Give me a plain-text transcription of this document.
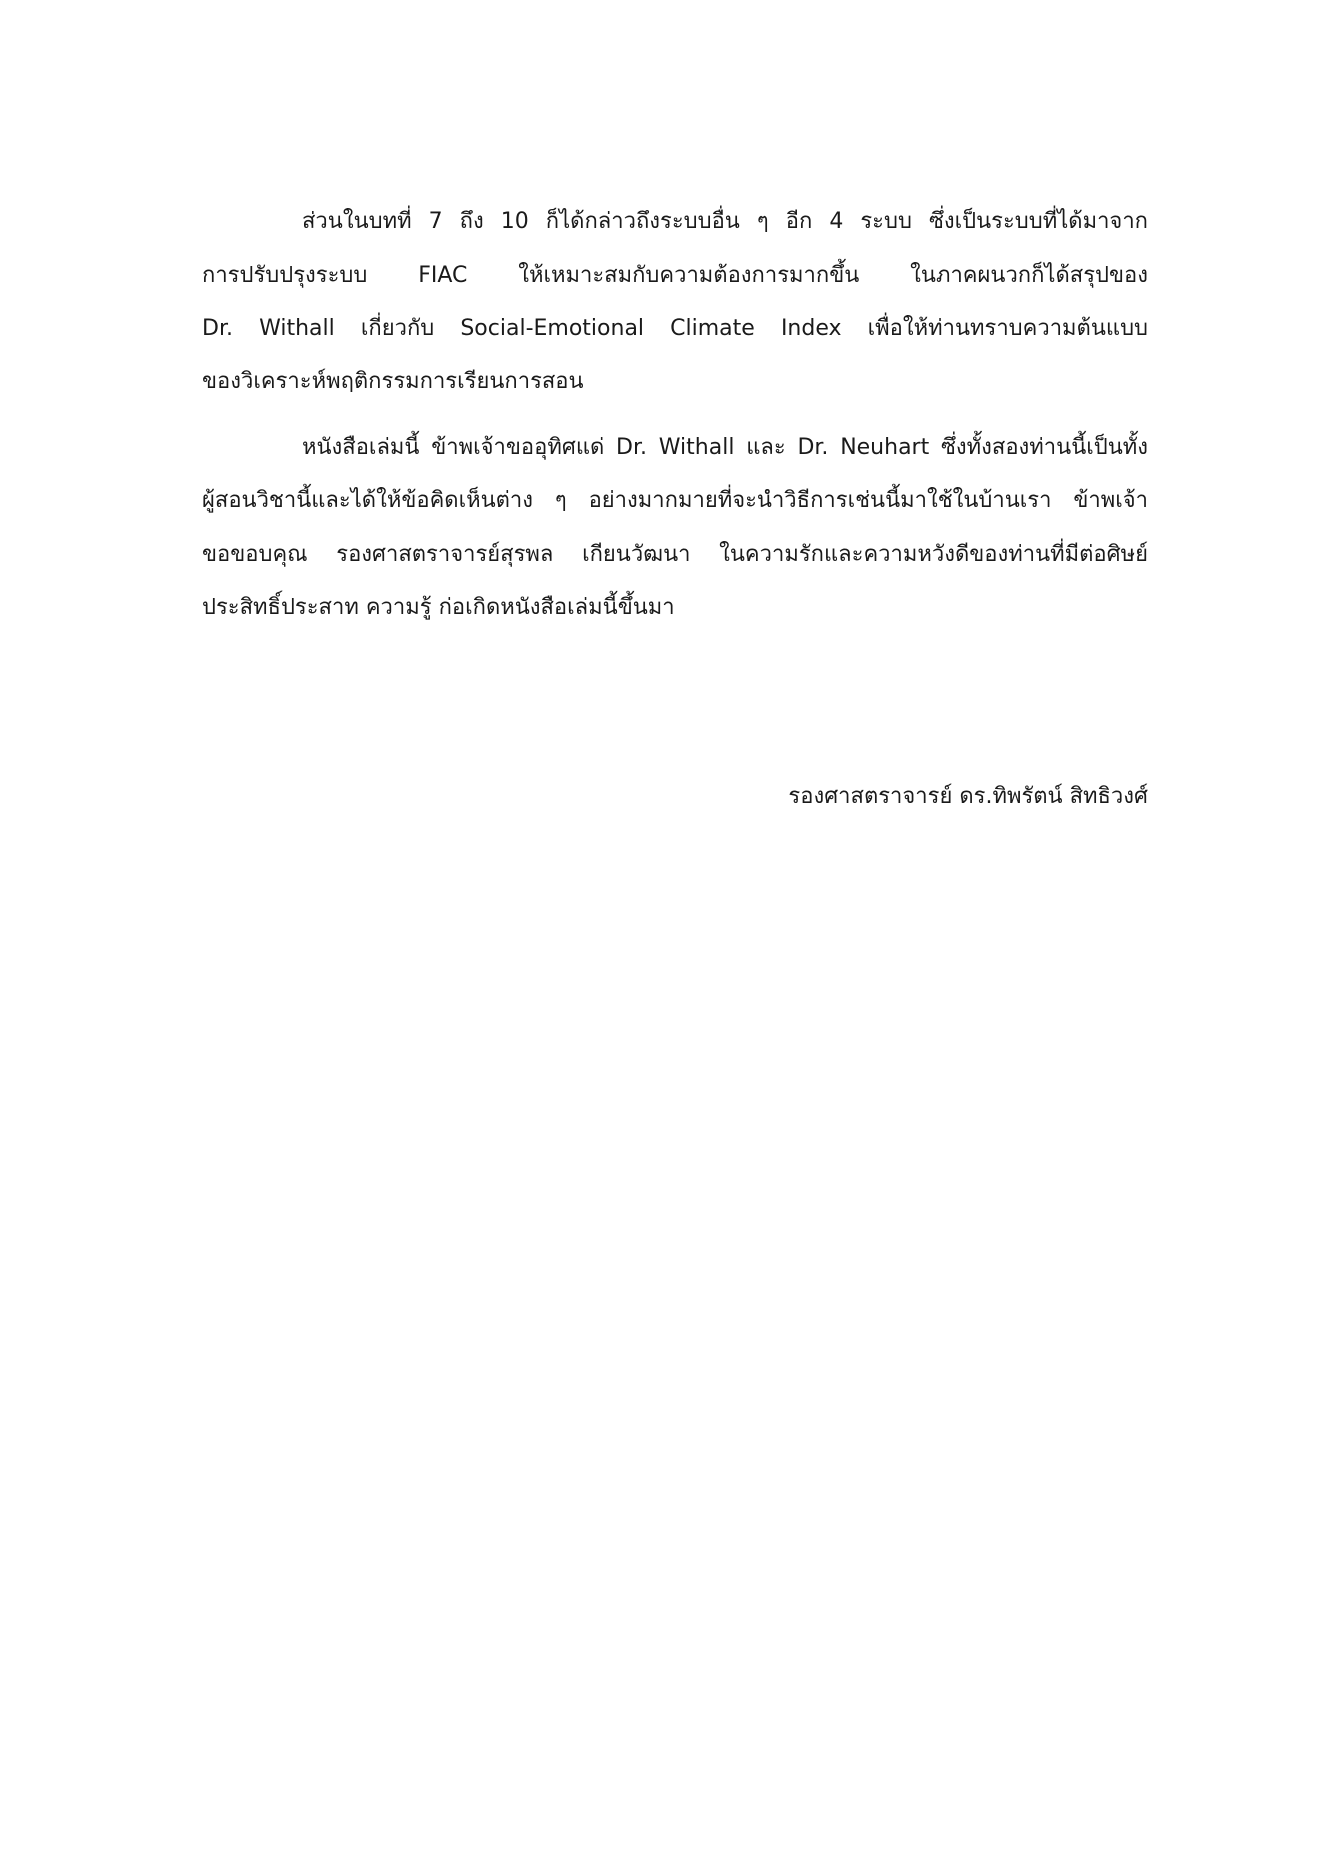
ส่วนในบทที่ 7 ถึง 10 ก็ได้กล่าวถึงระบบอื่น ๆ อีก 4 ระบบ ซึ่งเป็นระบบที่ได้มาจาก
การปรับปรุงระบบ FIAC ให้เหมาะสมกับความต้องการมากขึ้น ในภาคผนวกก็ได้สรุปของ
Dr. Withall เกี่ยวกับ Social-Emotional Climate Index เพื่อให้ท่านทราบความต้นแบบ
ของวิเคราะห์พฤติกรรมการเรียนการสอน
หนังสือเล่มนี้ ข้าพเจ้าขออุทิศแด่ Dr. Withall และ Dr. Neuhart ซึ่งทั้งสองท่านนี้เป็นทั้ง
ผู้สอนวิชานี้และได้ให้ข้อคิดเห็นต่าง ๆ อย่างมากมายที่จะนำวิธีการเช่นนี้มาใช้ในบ้านเรา ข้าพเจ้า
ขอขอบคุณ รองศาสตราจารย์สุรพล เกียนวัฒนา ในความรักและความหวังดีของท่านที่มีต่อศิษย์
ประสิทธิ์ประสาท ความรู้ ก่อเกิดหนังสือเล่มนี้ขึ้นมา
รองศาสตราจารย์ ดร.ทิพรัตน์ สิทธิวงศ์
